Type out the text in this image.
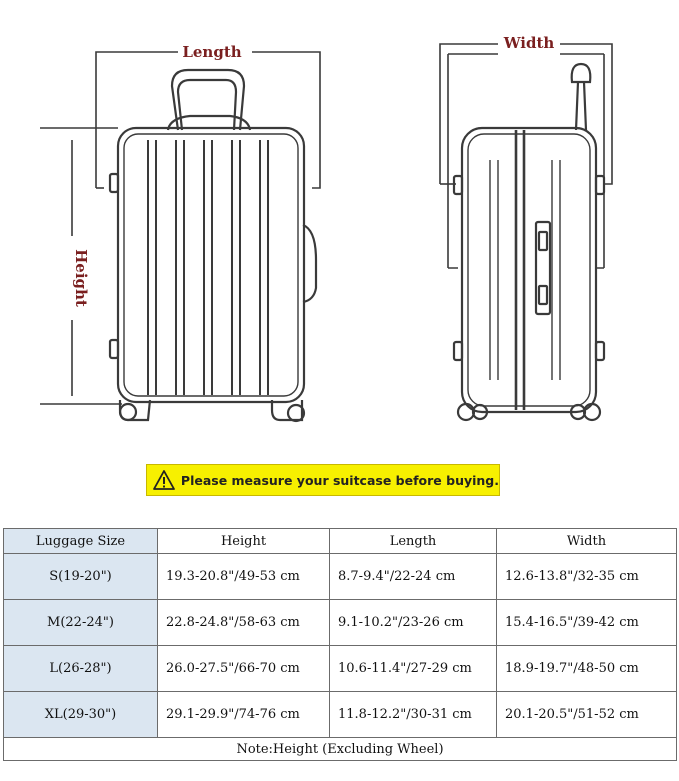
Length
Height
Width
Please measure your suitcase before buying.
Luggage Size	Height	Length	Width
S(19-20")	19.3-20.8"/49-53 cm	8.7-9.4"/22-24 cm	12.6-13.8"/32-35 cm
M(22-24")	22.8-24.8"/58-63 cm	9.1-10.2"/23-26 cm	15.4-16.5"/39-42 cm
L(26-28")	26.0-27.5"/66-70 cm	10.6-11.4"/27-29 cm	18.9-19.7"/48-50 cm
XL(29-30")	29.1-29.9"/74-76 cm	11.8-12.2"/30-31 cm	20.1-20.5"/51-52 cm
Note:Height (Excluding Wheel)			
